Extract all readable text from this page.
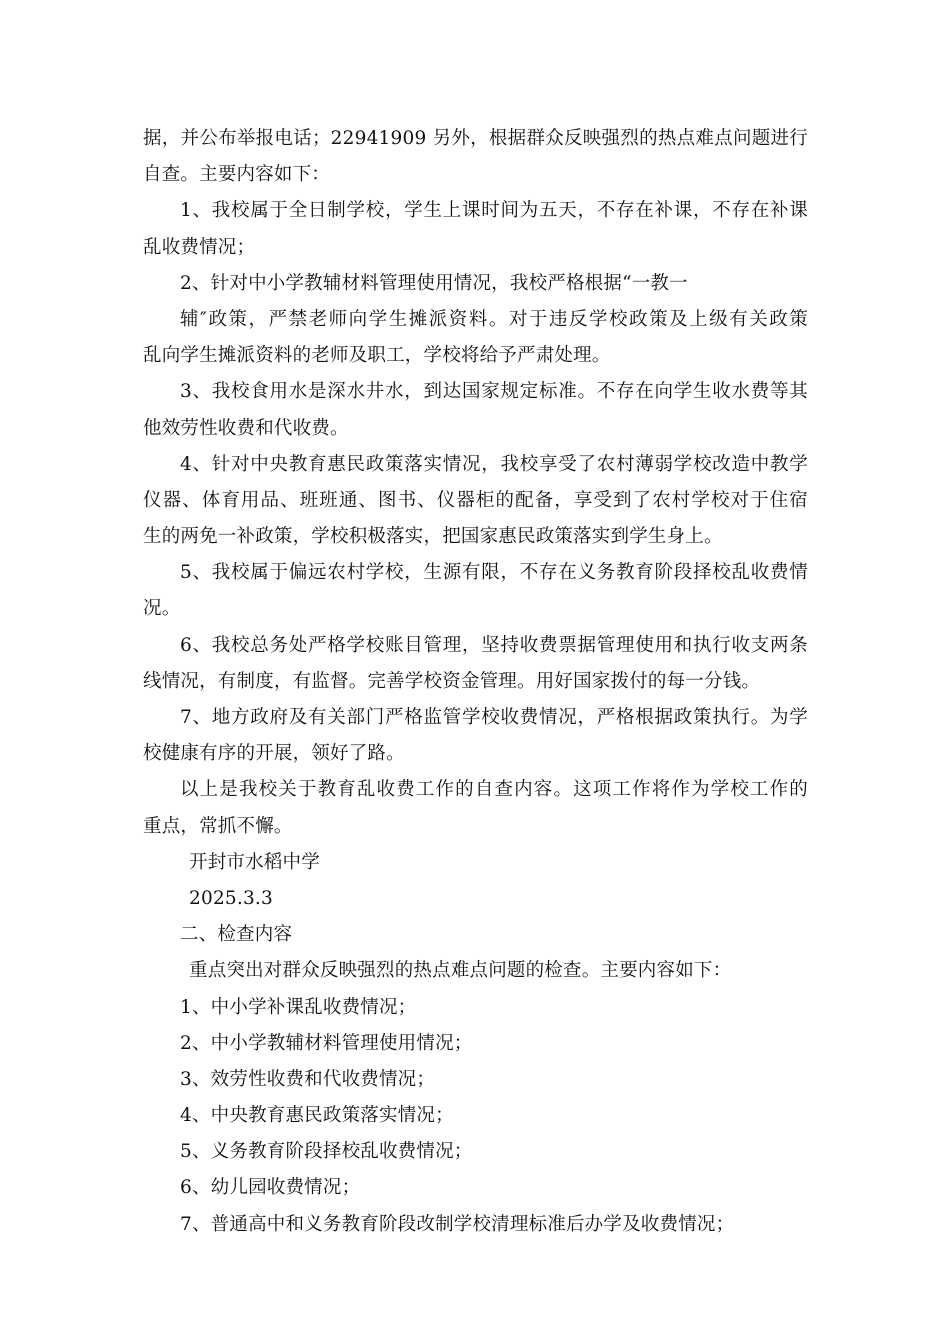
据，并公布举报电话；22941909 另外，根据群众反映强烈的热点难点问题进行
自查。主要内容如下：
1、我校属于全日制学校，学生上课时间为五天，不存在补课，不存在补课
乱收费情况；
2、针对中小学教辅材料管理使用情况，我校严格根据“一教一
辅″政策，严禁老师向学生摊派资料。对于违反学校政策及上级有关政策
乱向学生摊派资料的老师及职工，学校将给予严肃处理。
3、我校食用水是深水井水，到达国家规定标准。不存在向学生收水费等其
他效劳性收费和代收费。
4、针对中央教育惠民政策落实情况，我校享受了农村薄弱学校改造中教学
仪器、体育用品、班班通、图书、仪器柜的配备，享受到了农村学校对于住宿
生的两免一补政策，学校积极落实，把国家惠民政策落实到学生身上。
5、我校属于偏远农村学校，生源有限，不存在义务教育阶段择校乱收费情
况。
6、我校总务处严格学校账目管理，坚持收费票据管理使用和执行收支两条
线情况，有制度，有监督。完善学校资金管理。用好国家拨付的每一分钱。
7、地方政府及有关部门严格监管学校收费情况，严格根据政策执行。为学
校健康有序的开展，领好了路。
以上是我校关于教育乱收费工作的自查内容。这项工作将作为学校工作的
重点，常抓不懈。
开封市水稻中学
2025.3.3
二、检查内容
重点突出对群众反映强烈的热点难点问题的检查。主要内容如下：
1、中小学补课乱收费情况；
2、中小学教辅材料管理使用情况；
3、效劳性收费和代收费情况；
4、中央教育惠民政策落实情况；
5、义务教育阶段择校乱收费情况；
6、幼儿园收费情况；
7、普通高中和义务教育阶段改制学校清理标准后办学及收费情况；
